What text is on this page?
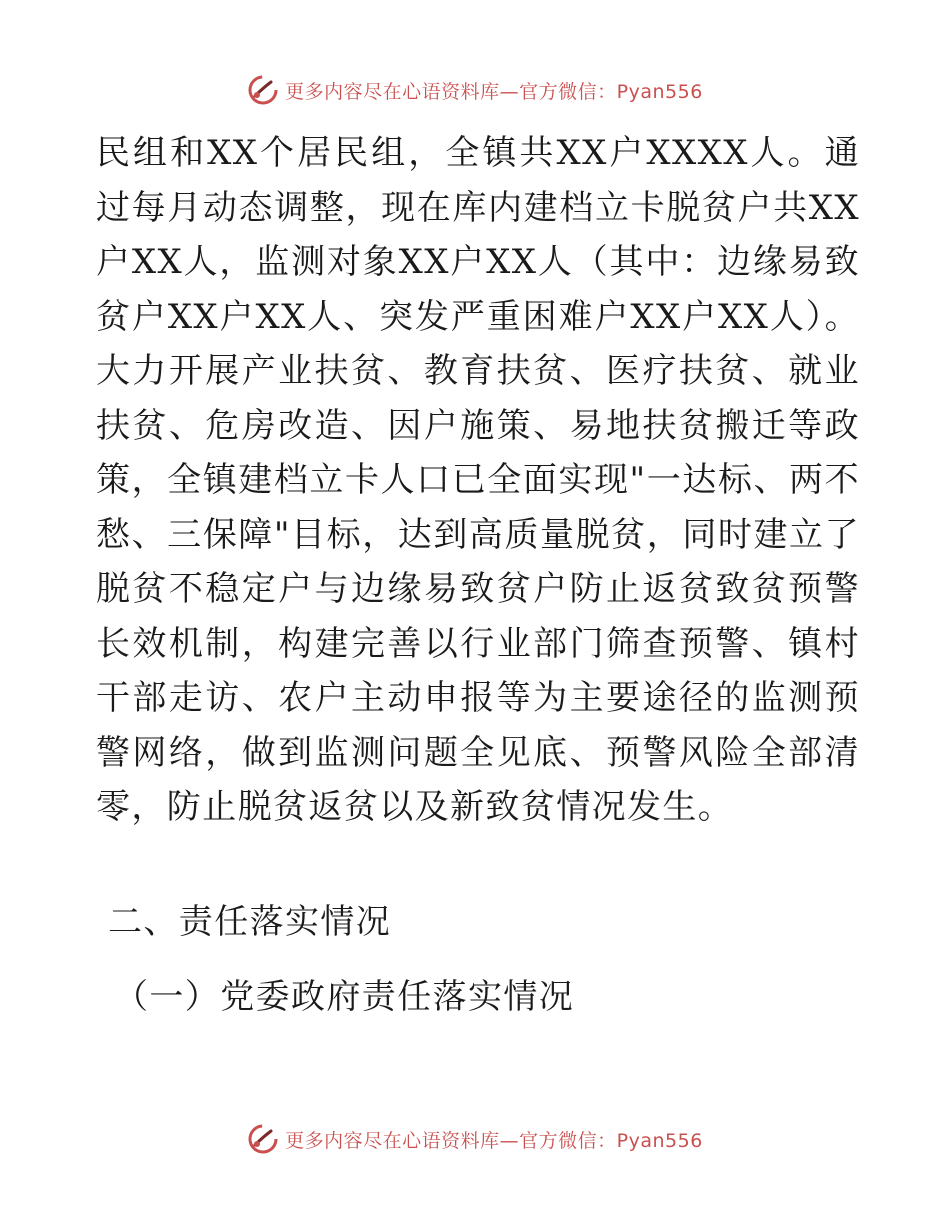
更多内容尽在心语资料库—官方微信：Pyan556

民组和XX个居民组，全镇共XX户XXXX人。通过每月动态调整，现在库内建档立卡脱贫户共XX户XX人，监测对象XX户XX人（其中：边缘易致贫户XX户XX人、突发严重困难户XX户XX人）。大力开展产业扶贫、教育扶贫、医疗扶贫、就业扶贫、危房改造、因户施策、易地扶贫搬迁等政策，全镇建档立卡人口已全面实现"一达标、两不愁、三保障"目标，达到高质量脱贫，同时建立了脱贫不稳定户与边缘易致贫户防止返贫致贫预警长效机制，构建完善以行业部门筛查预警、镇村干部走访、农户主动申报等为主要途径的监测预警网络，做到监测问题全见底、预警风险全部清零，防止脱贫返贫以及新致贫情况发生。

二、责任落实情况

（一）党委政府责任落实情况

更多内容尽在心语资料库—官方微信：Pyan556
